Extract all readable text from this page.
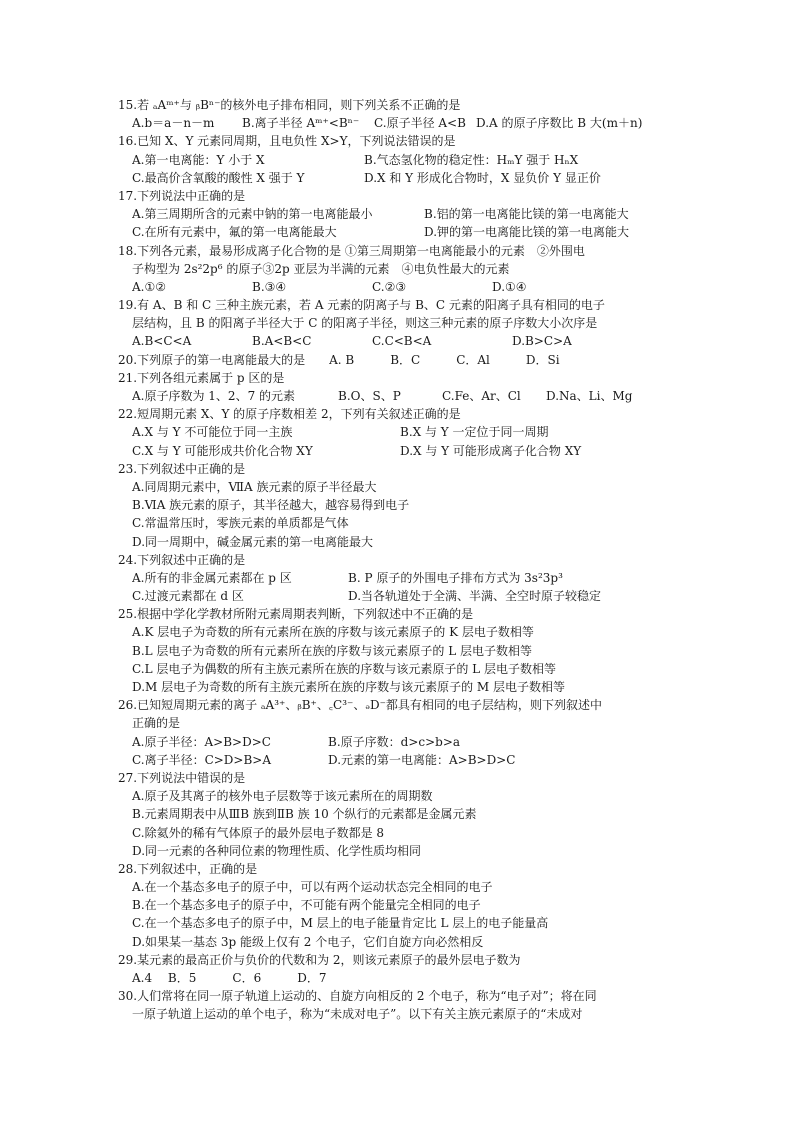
15.若 ₐAᵐ⁺与 ᵦBⁿ⁻的核外电子排布相同，则下列关系不正确的是
A.b＝a－n－m	B.离子半径 Aᵐ⁺<Bⁿ⁻	C.原子半径 A<B D.A 的原子序数比 B 大(m＋n)
16.已知 X、Y 元素同周期，且电负性 X>Y，下列说法错误的是
A.第一电离能：Y 小于 X	B.气态氢化物的稳定性：HₘY 强于 HₙX
C.最高价含氧酸的酸性 X 强于 Y	D.X 和 Y 形成化合物时，X 显负价 Y 显正价
17.下列说法中正确的是
A.第三周期所含的元素中钠的第一电离能最小	B.铝的第一电离能比镁的第一电离能大
C.在所有元素中，氟的第一电离能最大	D.钾的第一电离能比镁的第一电离能大
18.下列各元素，最易形成离子化合物的是 ①第三周期第一电离能最小的元素　②外围电
子构型为 2s²2p⁶ 的原子③2p 亚层为半满的元素　④电负性最大的元素
A.①②	B.③④	C.②③	D.①④
19.有 A、B 和 C 三种主族元素，若 A 元素的阴离子与 B、C 元素的阳离子具有相同的电子
层结构，且 B 的阳离子半径大于 C 的阳离子半径，则这三种元素的原子序数大小次序是
A.B<C<A	B.A<B<C	C.C<B<A	D.B>C>A
20.下列原子的第一电离能最大的是　　A. B　　　B．C　　　C．Al　　　D．Si
21.下列各组元素属于 p 区的是
A.原子序数为 1、2、7 的元素	B.O、S、P	C.Fe、Ar、Cl	D.Na、Li、Mg
22.短周期元素 X、Y 的原子序数相差 2，下列有关叙述正确的是
A.X 与 Y 不可能位于同一主族	B.X 与 Y 一定位于同一周期
C.X 与 Y 可能形成共价化合物 XY	D.X 与 Y 可能形成离子化合物 XY
23.下列叙述中正确的是
A.同周期元素中，ⅦA 族元素的原子半径最大
B.ⅥA 族元素的原子，其半径越大，越容易得到电子
C.常温常压时，零族元素的单质都是气体
D.同一周期中，碱金属元素的第一电离能最大
24.下列叙述中正确的是
A.所有的非金属元素都在 p 区	B. P 原子的外围电子排布方式为 3s²3p³
C.过渡元素都在 d 区	D.当各轨道处于全满、半满、全空时原子较稳定
25.根据中学化学教材所附元素周期表判断，下列叙述中不正确的是
A.K 层电子为奇数的所有元素所在族的序数与该元素原子的 K 层电子数相等
B.L 层电子为奇数的所有元素所在族的序数与该元素原子的 L 层电子数相等
C.L 层电子为偶数的所有主族元素所在族的序数与该元素原子的 L 层电子数相等
D.M 层电子为奇数的所有主族元素所在族的序数与该元素原子的 M 层电子数相等
26.已知短周期元素的离子 ₐA³⁺、ᵦB⁺、꜀C³⁻、ₔD⁻都具有相同的电子层结构，则下列叙述中
正确的是
A.原子半径：A>B>D>C	B.原子序数：d>c>b>a
C.离子半径：C>D>B>A	D.元素的第一电离能：A>B>D>C
27.下列说法中错误的是
A.原子及其离子的核外电子层数等于该元素所在的周期数
B.元素周期表中从ⅢB 族到ⅡB 族 10 个纵行的元素都是金属元素
C.除氦外的稀有气体原子的最外层电子数都是 8
D.同一元素的各种同位素的物理性质、化学性质均相同
28.下列叙述中，正确的是
A.在一个基态多电子的原子中，可以有两个运动状态完全相同的电子
B.在一个基态多电子的原子中，不可能有两个能量完全相同的电子
C.在一个基态多电子的原子中，M 层上的电子能量肯定比 L 层上的电子能量高
D.如果某一基态 3p 能级上仅有 2 个电子，它们自旋方向必然相反
29.某元素的最高正价与负价的代数和为 2，则该元素原子的最外层电子数为
A.4　 B．5　　　C．6　　　D．7
30.人们常将在同一原子轨道上运动的、自旋方向相反的 2 个电子，称为“电子对”；将在同
一原子轨道上运动的单个电子，称为“未成对电子”。以下有关主族元素原子的“未成对
